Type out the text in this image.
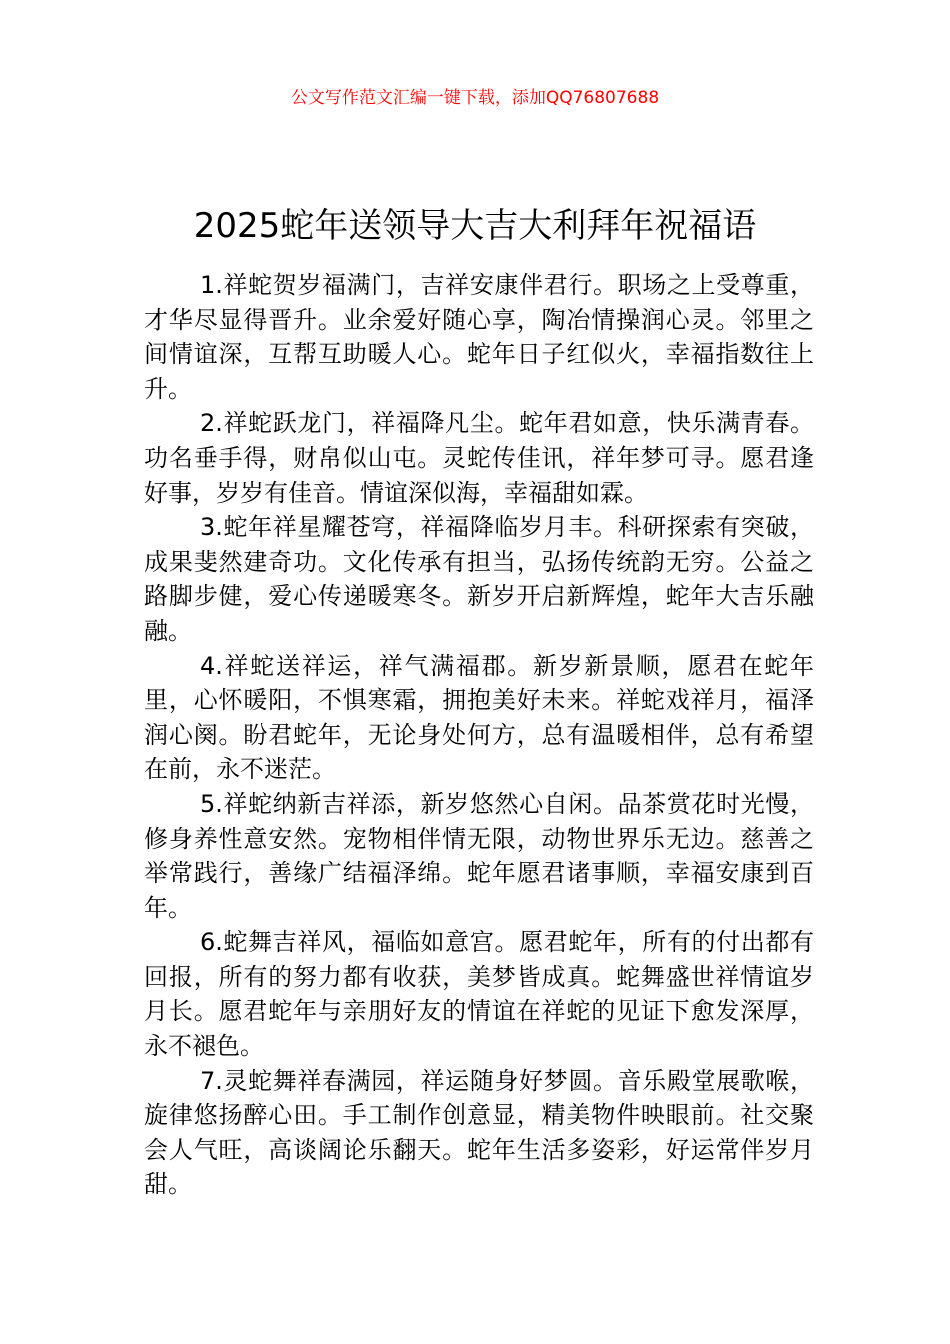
公文写作范文汇编一键下载，添加QQ76807688
2025蛇年送领导大吉大利拜年祝福语

1.祥蛇贺岁福满门，吉祥安康伴君行。职场之上受尊重，才华尽显得晋升。业余爱好随心享，陶冶情操润心灵。邻里之间情谊深，互帮互助暖人心。蛇年日子红似火，幸福指数往上升。

2.祥蛇跃龙门，祥福降凡尘。蛇年君如意，快乐满青春。功名垂手得，财帛似山屯。灵蛇传佳讯，祥年梦可寻。愿君逢好事，岁岁有佳音。情谊深似海，幸福甜如霖。

3.蛇年祥星耀苍穹，祥福降临岁月丰。科研探索有突破，成果斐然建奇功。文化传承有担当，弘扬传统韵无穷。公益之路脚步健，爱心传递暖寒冬。新岁开启新辉煌，蛇年大吉乐融融。

4.祥蛇送祥运，祥气满福郡。新岁新景顺，愿君在蛇年里，心怀暖阳，不惧寒霜，拥抱美好未来。祥蛇戏祥月，福泽润心阕。盼君蛇年，无论身处何方，总有温暖相伴，总有希望在前，永不迷茫。

5.祥蛇纳新吉祥添，新岁悠然心自闲。品茶赏花时光慢，修身养性意安然。宠物相伴情无限，动物世界乐无边。慈善之举常践行，善缘广结福泽绵。蛇年愿君诸事顺，幸福安康到百年。

6.蛇舞吉祥风，福临如意宫。愿君蛇年，所有的付出都有回报，所有的努力都有收获，美梦皆成真。蛇舞盛世祥情谊岁月长。愿君蛇年与亲朋好友的情谊在祥蛇的见证下愈发深厚，永不褪色。

7.灵蛇舞祥春满园，祥运随身好梦圆。音乐殿堂展歌喉，旋律悠扬醉心田。手工制作创意显，精美物件映眼前。社交聚会人气旺，高谈阔论乐翻天。蛇年生活多姿彩，好运常伴岁月甜。
